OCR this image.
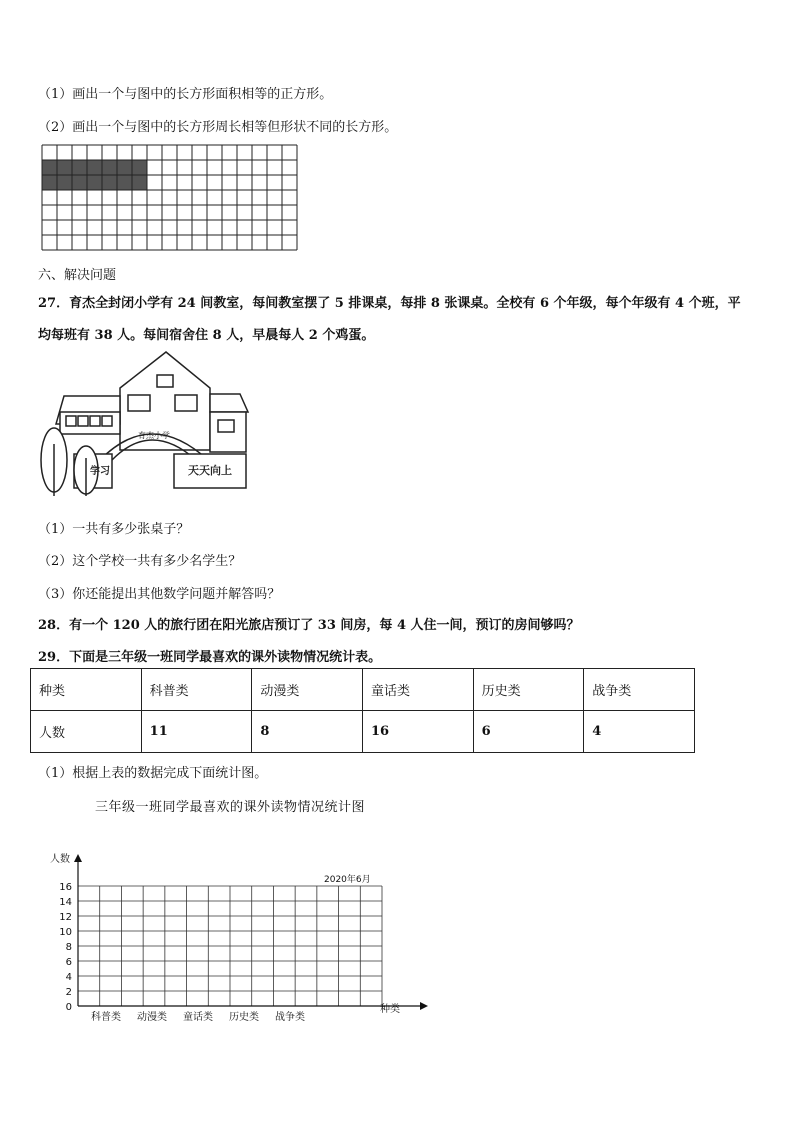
（1）画出一个与图中的长方形面积相等的正方形。
（2）画出一个与图中的长方形周长相等但形状不同的长方形。
六、解决问题
27．育杰全封闭小学有 24 间教室，每间教室摆了 5 排课桌，每排 8 张课桌。全校有 6 个年级，每个年级有 4 个班，平
均每班有 38 人。每间宿舍住 8 人，早晨每人 2 个鸡蛋。
育杰小学
学习	天天向上
（1）一共有多少张桌子？
（2）这个学校一共有多少名学生？
（3）你还能提出其他数学问题并解答吗？
28．有一个 120 人的旅行团在阳光旅店预订了 33 间房，每 4 人住一间，预订的房间够吗？
29．下面是三年级一班同学最喜欢的课外读物情况统计表。
种类	科普类	动漫类	童话类	历史类	战争类
人数	11	8	16	6	4
（1）根据上表的数据完成下面统计图。
三年级一班同学最喜欢的课外读物情况统计图
0
2
4
6
8
10
12
14
16
人数
种类
2020年6月
科普类 动漫类 童话类 历史类 战争类
